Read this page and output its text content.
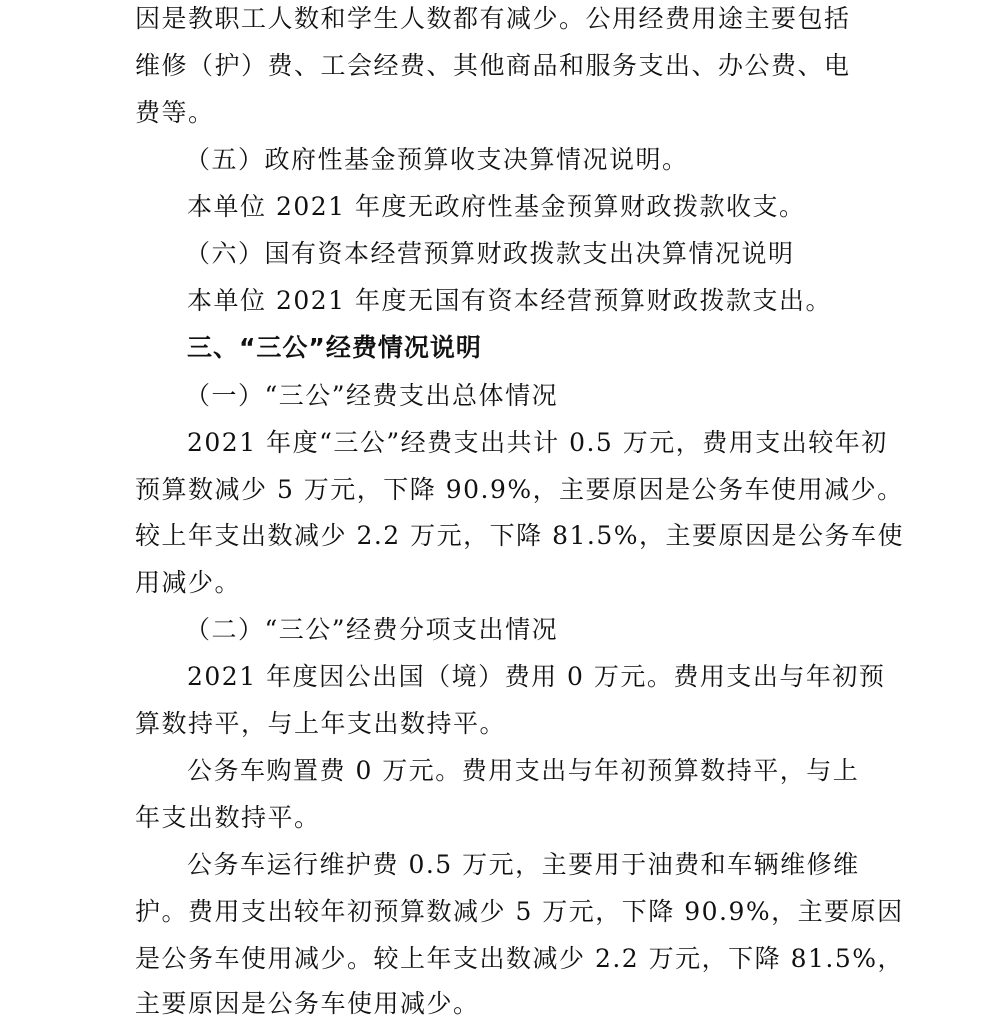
因是教职工人数和学生人数都有减少。公用经费用途主要包括
维修（护）费、工会经费、其他商品和服务支出、办公费、电
费等。
（五）政府性基金预算收支决算情况说明。
本单位 2021 年度无政府性基金预算财政拨款收支。
（六）国有资本经营预算财政拨款支出决算情况说明
本单位 2021 年度无国有资本经营预算财政拨款支出。
三、“三公”经费情况说明
（一）“三公”经费支出总体情况
2021 年度“三公”经费支出共计 0.5 万元，费用支出较年初
预算数减少 5 万元，下降 90.9%，主要原因是公务车使用减少。
较上年支出数减少 2.2 万元，下降 81.5%，主要原因是公务车使
用减少。
（二）“三公”经费分项支出情况
2021 年度因公出国（境）费用 0 万元。费用支出与年初预
算数持平，与上年支出数持平。
公务车购置费 0 万元。费用支出与年初预算数持平，与上
年支出数持平。
公务车运行维护费 0.5 万元，主要用于油费和车辆维修维
护。费用支出较年初预算数减少 5 万元，下降 90.9%，主要原因
是公务车使用减少。较上年支出数减少 2.2 万元，下降 81.5%，
主要原因是公务车使用减少。
